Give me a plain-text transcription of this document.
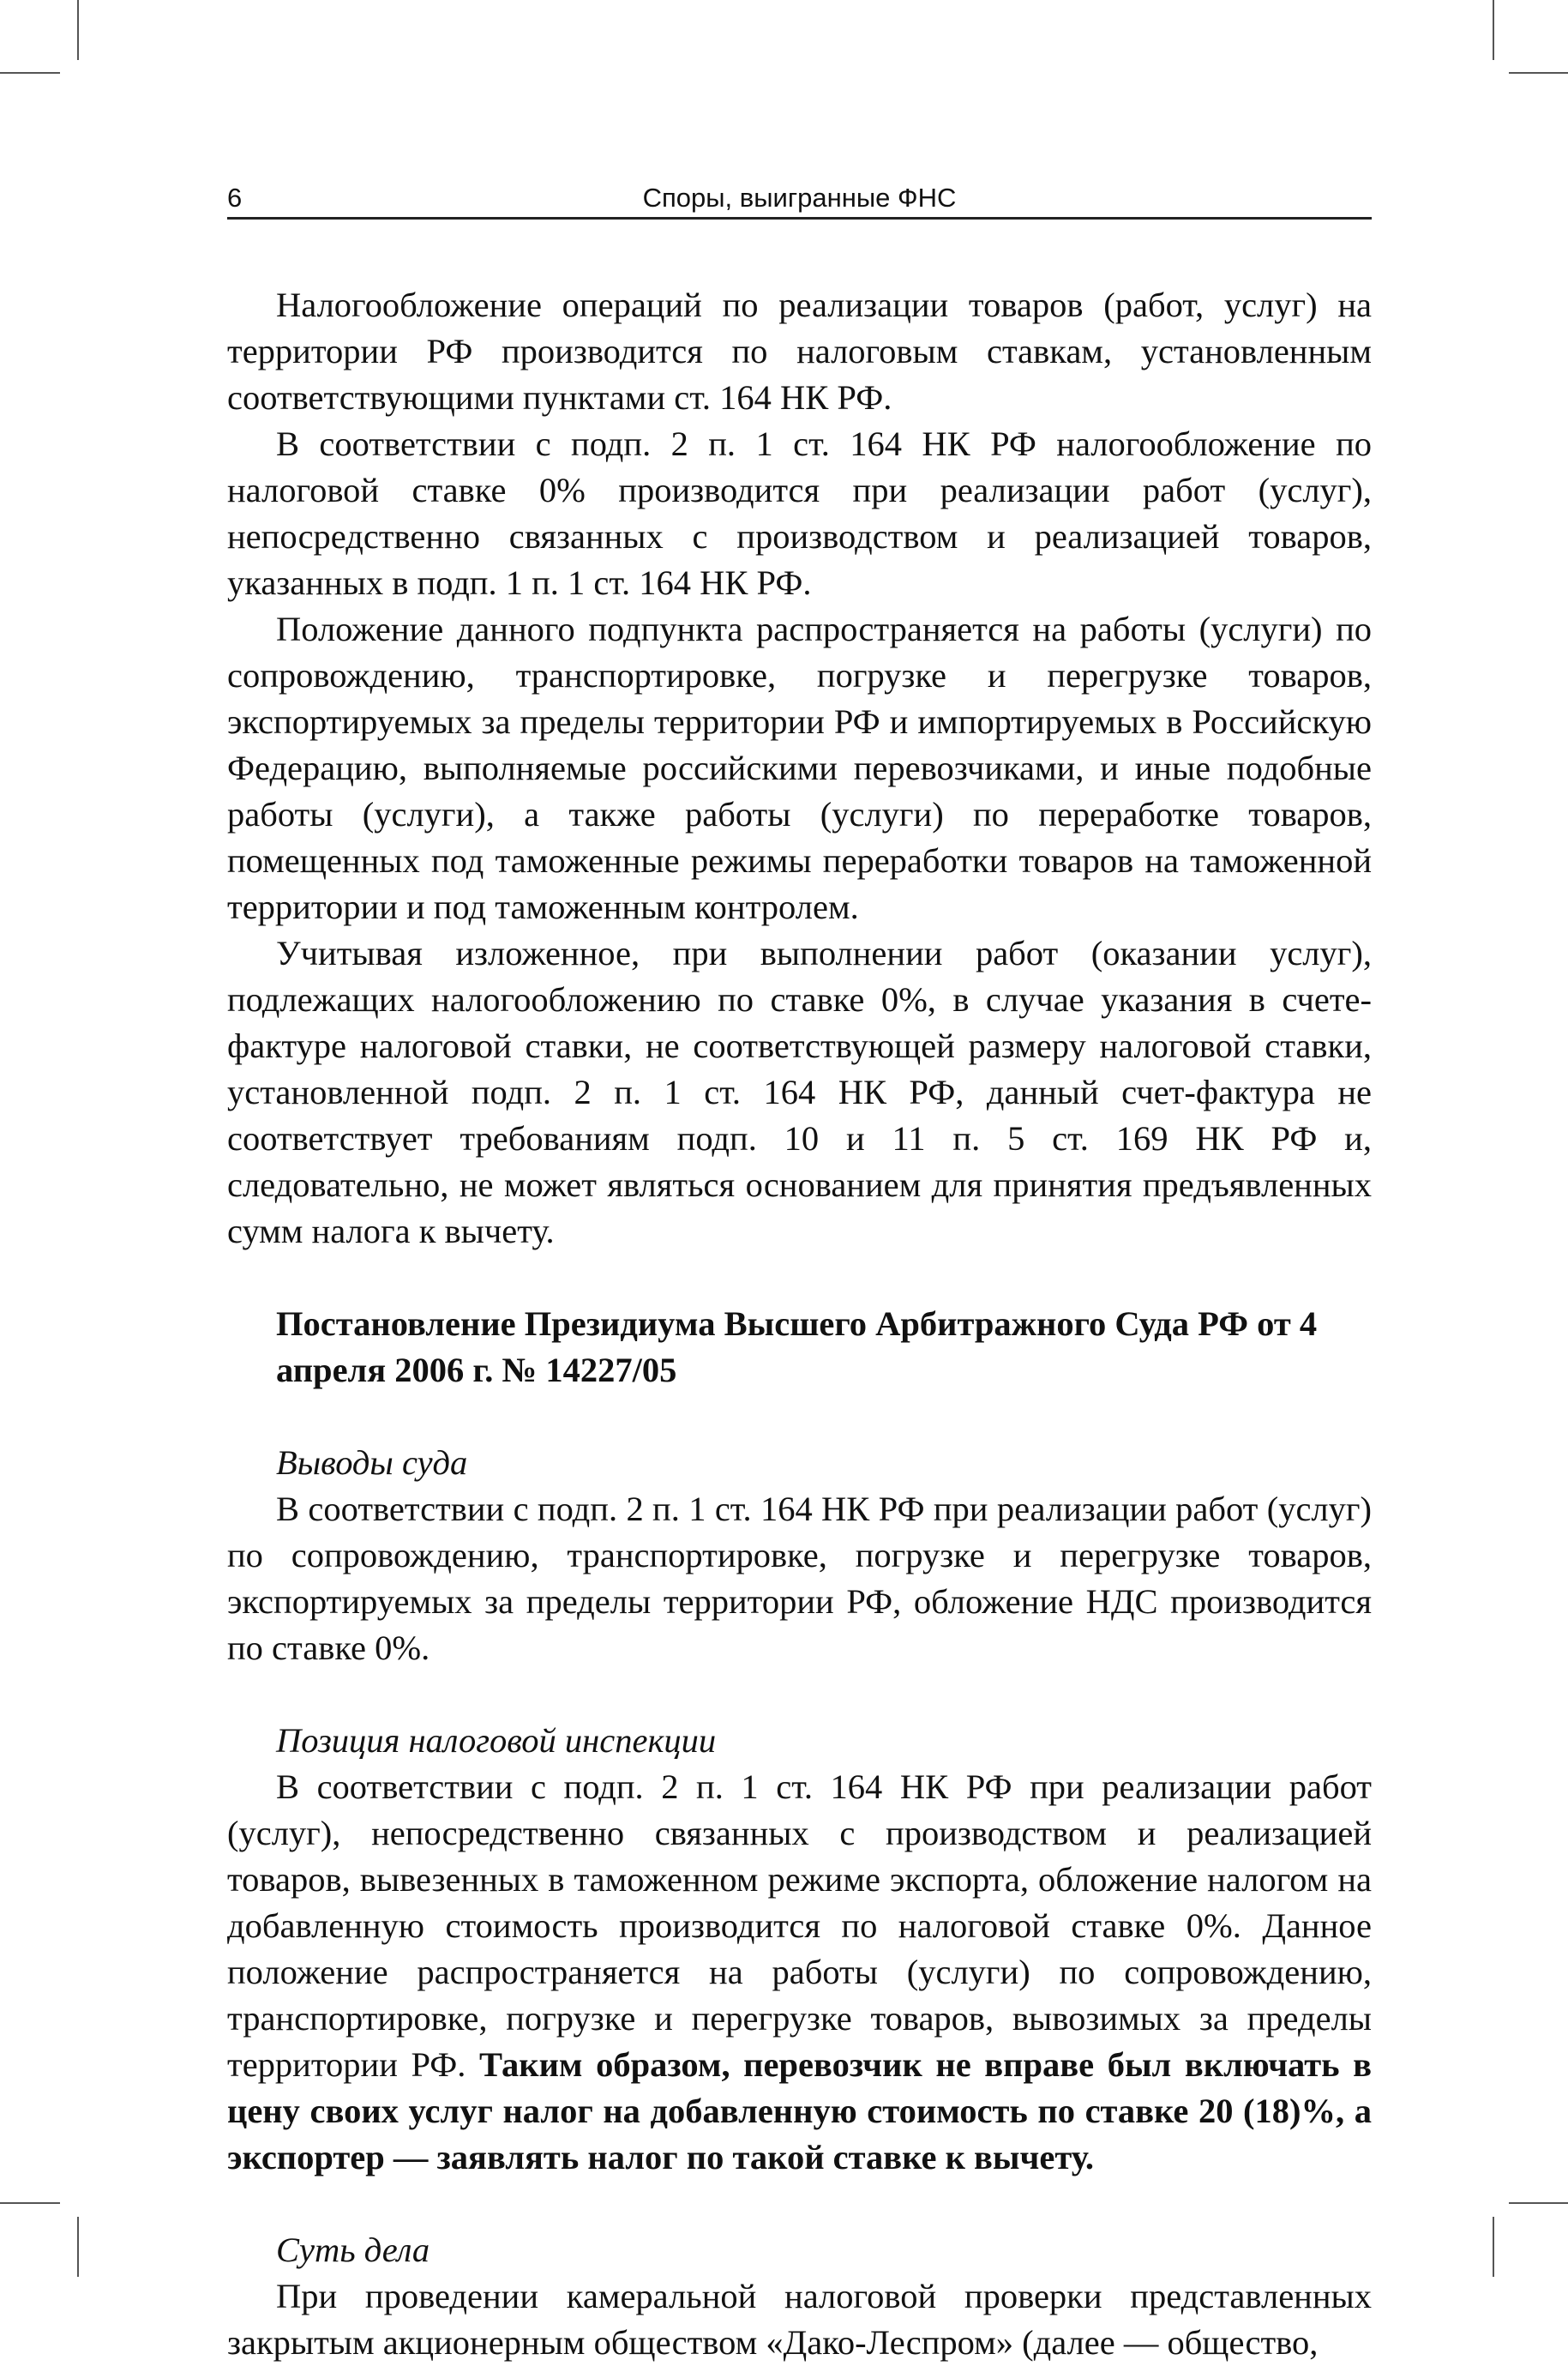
6	Споры, выигранные ФНС

Налогообложение операций по реализации товаров (работ, услуг) на территории РФ производится по налоговым ставкам, установленным соответствующими пунктами ст. 164 НК РФ.

В соответствии с подп. 2 п. 1 ст. 164 НК РФ налогообложение по налоговой ставке 0% производится при реализации работ (услуг), непосредственно связанных с производством и реализацией товаров, указанных в подп. 1 п. 1 ст. 164 НК РФ.

Положение данного подпункта распространяется на работы (услуги) по сопровождению, транспортировке, погрузке и перегрузке товаров, экспортируемых за пределы территории РФ и импортируемых в Российскую Федерацию, выполняемые российскими перевозчиками, и иные подобные работы (услуги), а также работы (услуги) по переработке товаров, помещенных под таможенные режимы переработки товаров на таможенной территории и под таможенным контролем.

Учитывая изложенное, при выполнении работ (оказании услуг), подлежащих налогообложению по ставке 0%, в случае указания в счете-фактуре налоговой ставки, не соответствующей размеру налоговой ставки, установленной подп. 2 п. 1 ст. 164 НК РФ, данный счет-фактура не соответствует требованиям подп. 10 и 11 п. 5 ст. 169 НК РФ и, следовательно, не может являться основанием для принятия предъявленных сумм налога к вычету.

Постановление Президиума Высшего Арбитражного Суда РФ от 4 апреля 2006 г. № 14227/05
Выводы суда

В соответствии с подп. 2 п. 1 ст. 164 НК РФ при реализации работ (услуг) по сопровождению, транспортировке, погрузке и перегрузке товаров, экспортируемых за пределы территории РФ, обложение НДС производится по ставке 0%.

Позиция налоговой инспекции

В соответствии с подп. 2 п. 1 ст. 164 НК РФ при реализации работ (услуг), непосредственно связанных с производством и реализацией товаров, вывезенных в таможенном режиме экспорта, обложение налогом на добавленную стоимость производится по налоговой ставке 0%. Данное положение распространяется на работы (услуги) по сопровождению, транспортировке, погрузке и перегрузке товаров, вывозимых за пределы территории РФ. Таким образом, перевозчик не вправе был включать в цену своих услуг налог на добавленную стоимость по ставке 20 (18)%, а экспортер — заявлять налог по такой ставке к вычету.

Суть дела

При проведении камеральной налоговой проверки представленных закрытым акционерным обществом «Дако-Леспром» (далее — общество,
